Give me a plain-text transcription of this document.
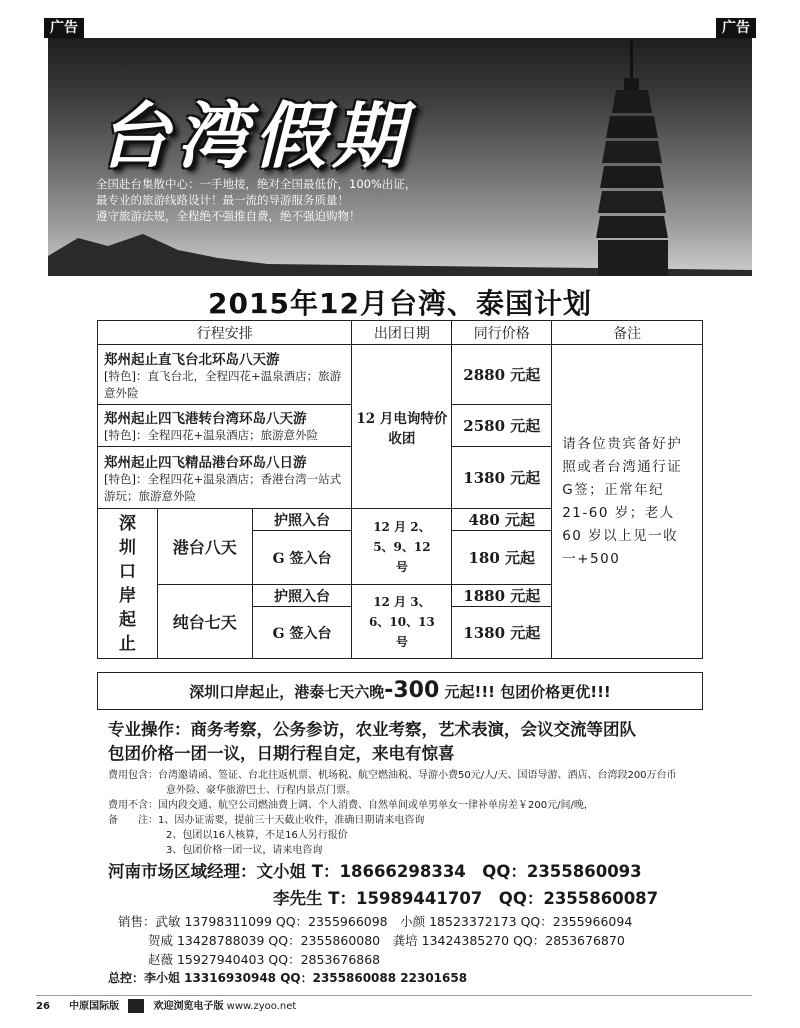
广告	广告
台湾假期
全国赴台集散中心：一手地接，绝对全国最低价，100%出证，
最专业的旅游线路设计！最一流的导游服务质量！
遵守旅游法规，全程绝不强推自费，绝不强迫购物！
2015年12月台湾、泰国计划
行程安排			出团日期	同行价格	备注

郑州起止直飞台北环岛八天游
[特色]：直飞台北，全程四花+温泉酒店；旅游意外险			12 月电询特价收团	2880 元起	请各位贵宾备好护照或者台湾通行证G签；正常年纪 21-60 岁；老人 60 岁以上见一收一+500

郑州起止四飞港转台湾环岛八天游
[特色]：全程四花+温泉酒店；旅游意外险				2580 元起	

郑州起止四飞精品港台环岛八日游
[特色]：全程四花+温泉酒店；香港台湾一站式游玩；旅游意外险				1380 元起	

深圳口岸起止	港台八天	护照入台	12 月 2、5、9、12 号	480 元起	
		G 签入台		180 元起	
	纯台七天	护照入台	12 月 3、6、10、13 号	1880 元起	
		G 签入台		1380 元起	
深圳口岸起止，港泰七天六晚-300 元起!!! 包团价格更优!!!
专业操作：商务考察，公务参访，农业考察，艺术表演，会议交流等团队
包团价格一团一议，日期行程自定，来电有惊喜
费用包含：台湾邀请函、签证、台北往返机票、机场税、航空燃油税、导游小费50元/人/天、国语导游、酒店、台湾段200万台币
意外险、豪华旅游巴士、行程内景点门票。
费用不含：国内段交通、航空公司燃油费上调、个人消费、自然单间或单男单女一律补单房差￥200元/间/晚，
备　　注：1、因办证需要，提前三十天截止收件，准确日期请来电咨询
2、包团以16人核算，不足16人另行报价
3、包团价格一团一议，请来电咨询
河南市场区域经理：文小姐 T：18666298334　QQ：2355860093
李先生 T：15989441707　QQ：2355860087
销售：武敏 13798311099 QQ：2355966098　小颜 18523372173 QQ：2355966094
贺威 13428788039 QQ：2355860080　龚培 13424385270 QQ：2853676870
赵薇 15927940403 QQ：2853676868
总控：李小姐 13316930948 QQ：2355860088 22301658
26 中原国际版	欢迎浏览电子版 www.zyoo.net
